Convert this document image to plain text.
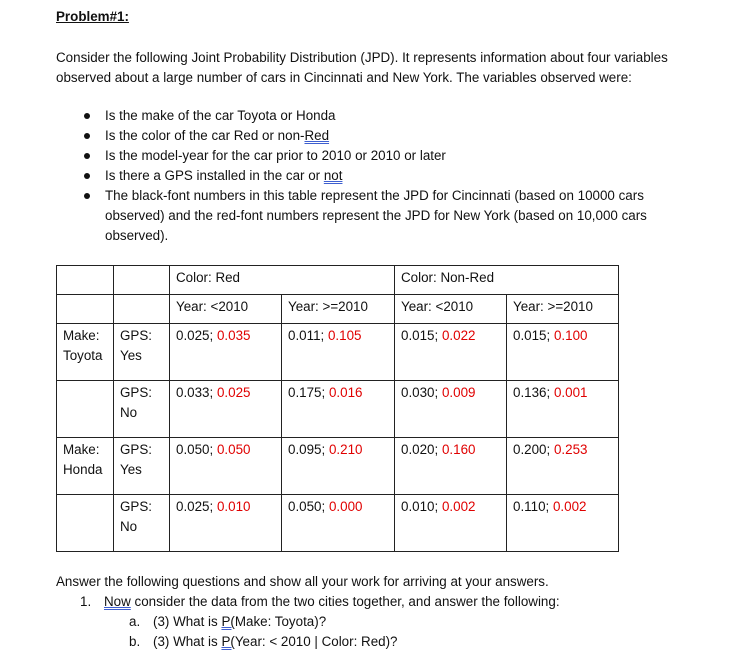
Problem#1:

Consider the following Joint Probability Distribution (JPD). It represents information about four variables observed about a large number of cars in Cincinnati and New York. The variables observed were:

Is the make of the car Toyota or Honda
Is the color of the car Red or non-Red
Is the model-year for the car prior to 2010 or 2010 or later
Is there a GPS installed in the car or not
The black-font numbers in this table represent the JPD for Cincinnati (based on 10000 cars observed) and the red-font numbers represent the JPD for New York (based on 10,000 cars observed).
		Color: Red		Color: Non-Red	
		Year: <2010	Year: >=2010	Year: <2010	Year: >=2010
Make: Toyota	GPS: Yes	0.025; 0.035	0.011; 0.105	0.015; 0.022	0.015; 0.100
	GPS: No	0.033; 0.025	0.175; 0.016	0.030; 0.009	0.136; 0.001
Make: Honda	GPS: Yes	0.050; 0.050	0.095; 0.210	0.020; 0.160	0.200; 0.253
	GPS: No	0.025; 0.010	0.050; 0.000	0.010; 0.002	0.110; 0.002

Answer the following questions and show all your work for arriving at your answers.

1. Now consider the data from the two cities together, and answer the following:
a. (3) What is P(Make: Toyota)?
b. (3) What is P(Year: < 2010 | Color: Red)?
